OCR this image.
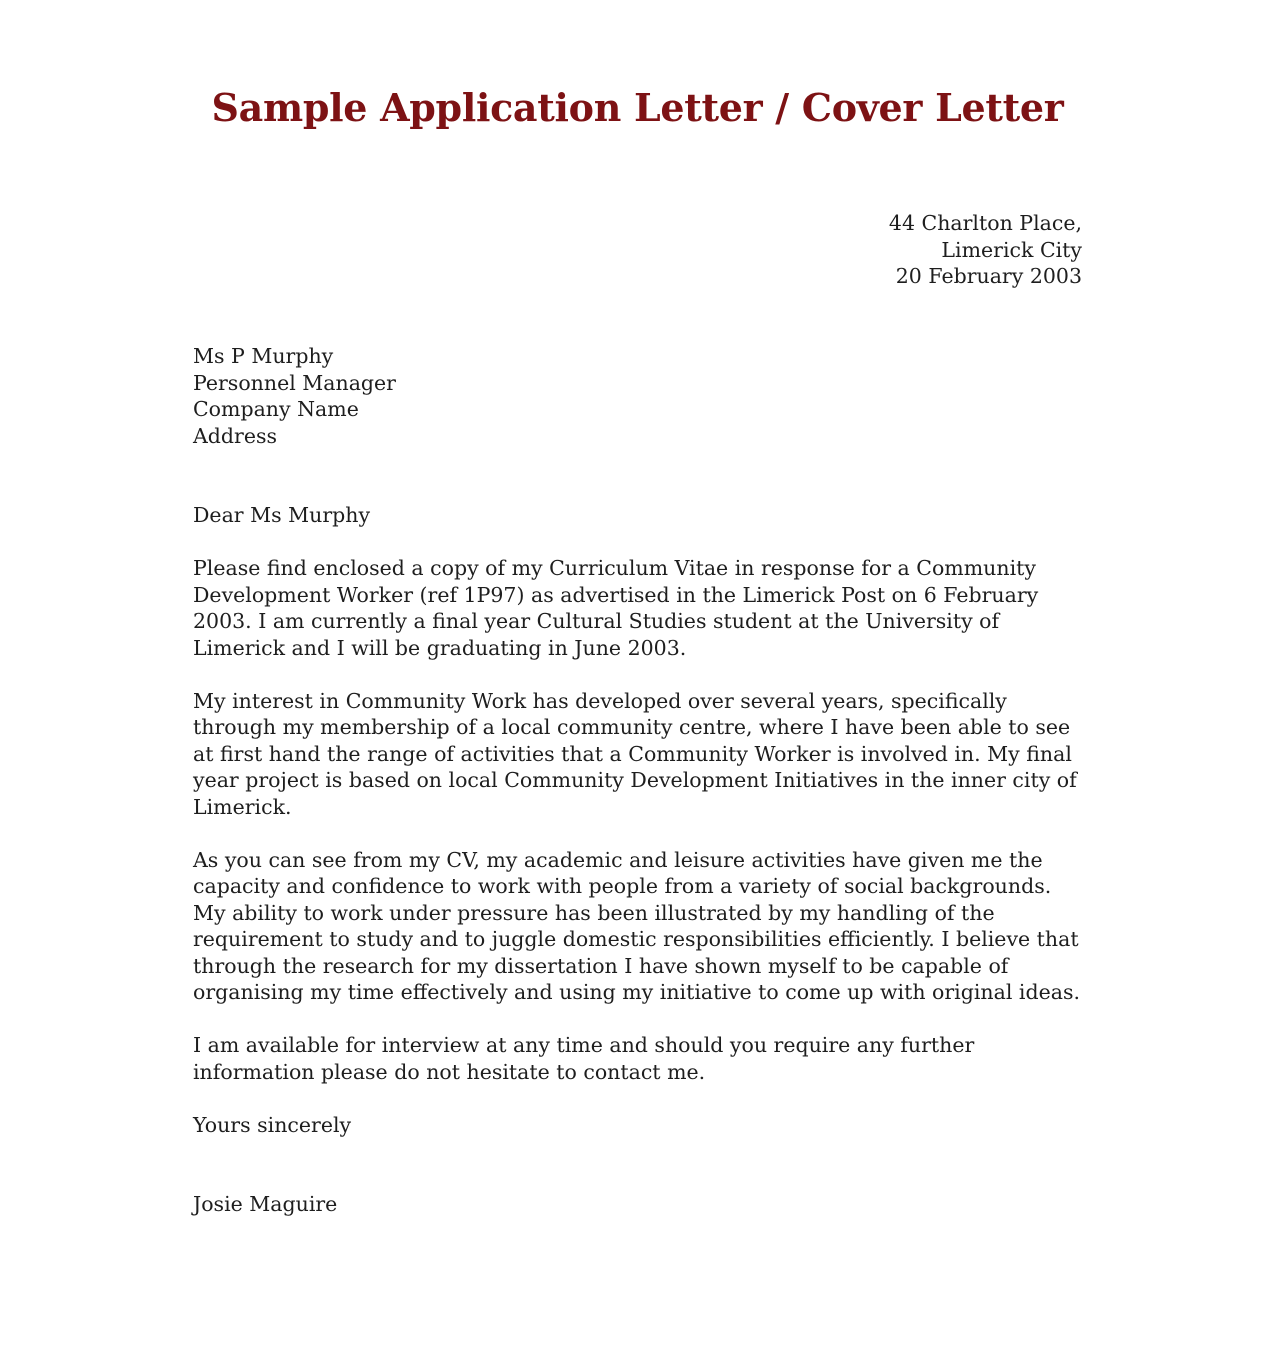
Sample Application Letter / Cover Letter
44 Charlton Place,
Limerick City
20 February 2003
Ms P Murphy
Personnel Manager
Company Name
Address

Dear Ms Murphy

Please find enclosed a copy of my Curriculum Vitae in response for a Community
Development Worker (ref 1P97) as advertised in the Limerick Post on 6 February
2003. I am currently a final year Cultural Studies student at the University of
Limerick and I will be graduating in June 2003.

My interest in Community Work has developed over several years, specifically
through my membership of a local community centre, where I have been able to see
at first hand the range of activities that a Community Worker is involved in. My final
year project is based on local Community Development Initiatives in the inner city of
Limerick.

As you can see from my CV, my academic and leisure activities have given me the
capacity and confidence to work with people from a variety of social backgrounds.
My ability to work under pressure has been illustrated by my handling of the
requirement to study and to juggle domestic responsibilities efficiently. I believe that
through the research for my dissertation I have shown myself to be capable of
organising my time effectively and using my initiative to come up with original ideas.

I am available for interview at any time and should you require any further
information please do not hesitate to contact me.

Yours sincerely

Josie Maguire
